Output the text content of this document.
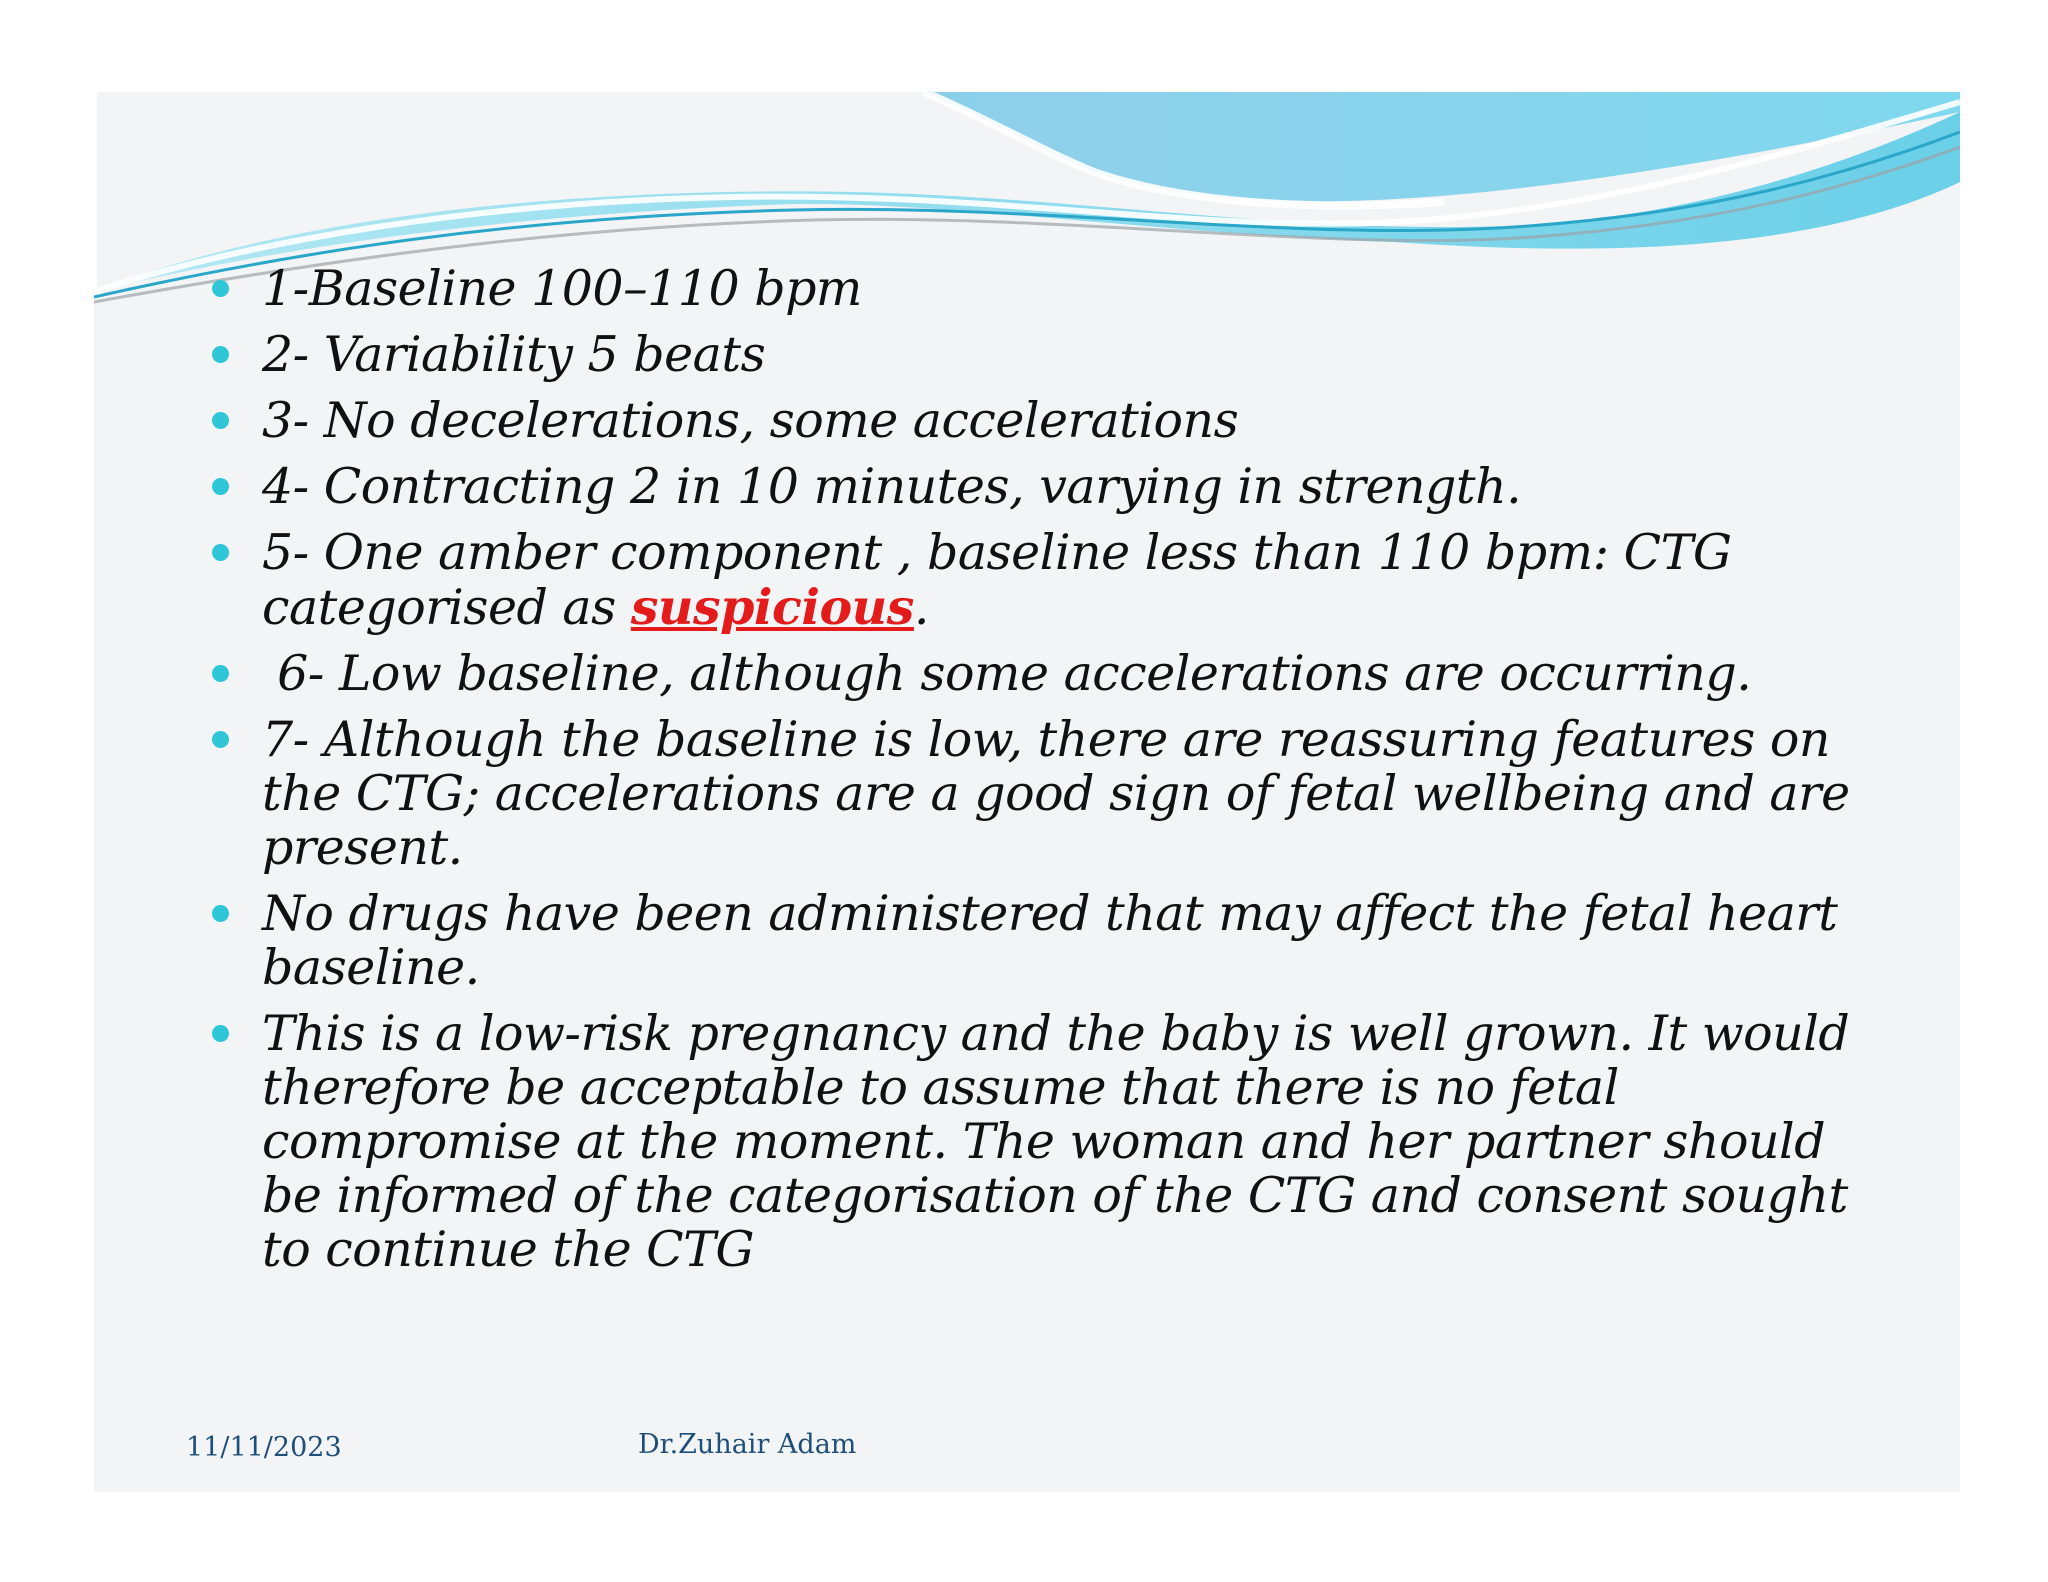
1-Baseline 100–110 bpm
2- Variability 5 beats
3- No decelerations, some accelerations
4- Contracting 2 in 10 minutes, varying in strength.
5- One amber component , baseline less than 110 bpm: CTG categorised as suspicious.
6- Low baseline, although some accelerations are occurring.
7- Although the baseline is low, there are reassuring features on the CTG; accelerations are a good sign of fetal wellbeing and are present.
No drugs have been administered that may affect the fetal heart baseline.
This is a low-risk pregnancy and the baby is well grown. It would therefore be acceptable to assume that there is no fetal compromise at the moment. The woman and her partner should be informed of the categorisation of the CTG and consent sought to continue the CTG
11/11/2023	Dr.Zuhair Adam
